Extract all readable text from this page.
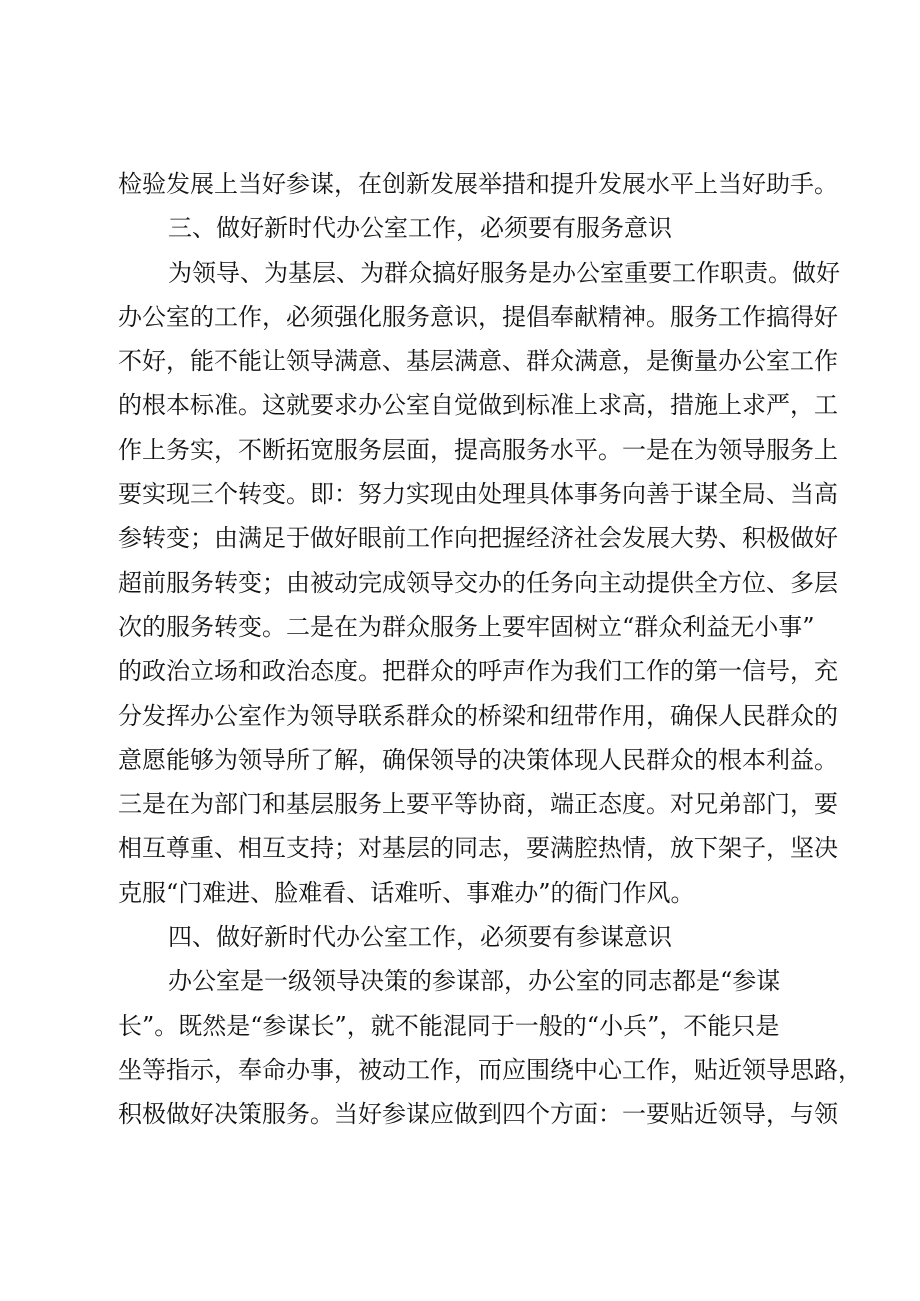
检验发展上当好参谋，在创新发展举措和提升发展水平上当好助手。
三、做好新时代办公室工作，必须要有服务意识
为领导、为基层、为群众搞好服务是办公室重要工作职责。做好
办公室的工作，必须强化服务意识，提倡奉献精神。服务工作搞得好
不好，能不能让领导满意、基层满意、群众满意，是衡量办公室工作
的根本标准。这就要求办公室自觉做到标准上求高，措施上求严，工
作上务实，不断拓宽服务层面，提高服务水平。一是在为领导服务上
要实现三个转变。即：努力实现由处理具体事务向善于谋全局、当高
参转变；由满足于做好眼前工作向把握经济社会发展大势、积极做好
超前服务转变；由被动完成领导交办的任务向主动提供全方位、多层
次的服务转变。二是在为群众服务上要牢固树立“群众利益无小事”
的政治立场和政治态度。把群众的呼声作为我们工作的第一信号，充
分发挥办公室作为领导联系群众的桥梁和纽带作用，确保人民群众的
意愿能够为领导所了解，确保领导的决策体现人民群众的根本利益。
三是在为部门和基层服务上要平等协商，端正态度。对兄弟部门，要
相互尊重、相互支持；对基层的同志，要满腔热情，放下架子，坚决
克服“门难进、脸难看、话难听、事难办”的衙门作风。
四、做好新时代办公室工作，必须要有参谋意识
办公室是一级领导决策的参谋部，办公室的同志都是“参谋
长”。既然是“参谋长”，就不能混同于一般的“小兵”，不能只是
坐等指示，奉命办事，被动工作，而应围绕中心工作，贴近领导思路，
积极做好决策服务。当好参谋应做到四个方面：一要贴近领导，与领
